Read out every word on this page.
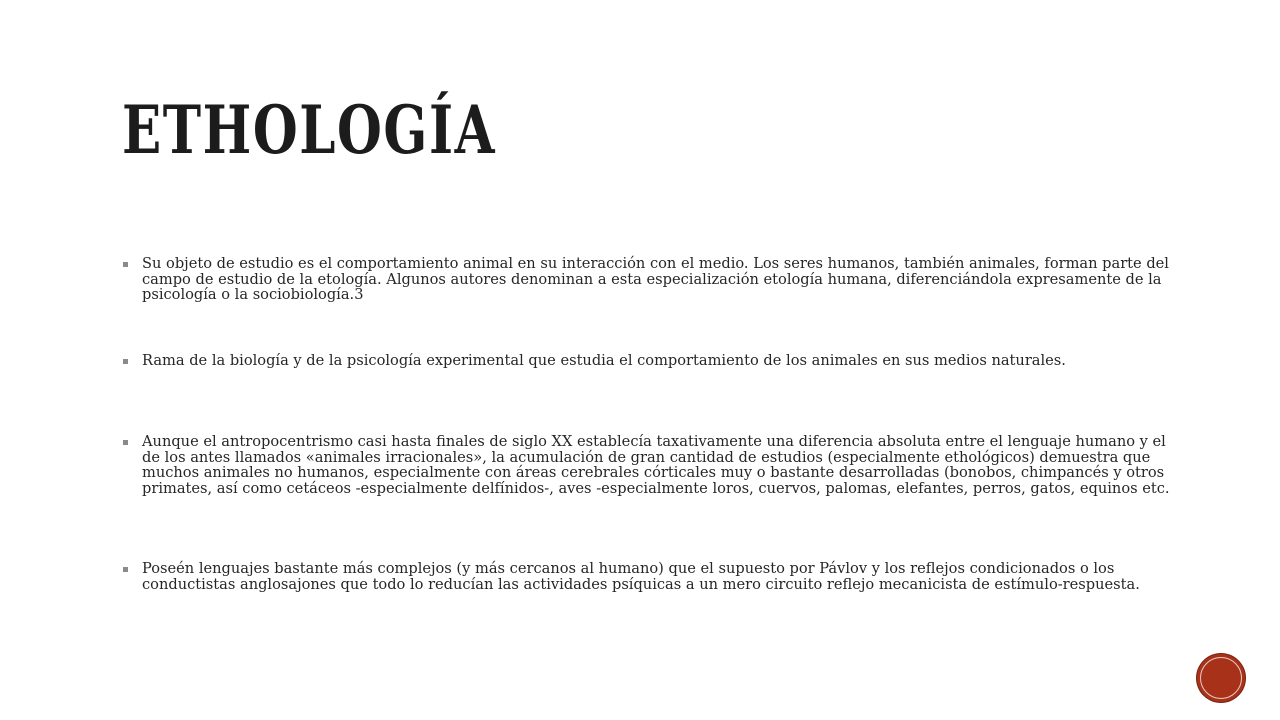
ETHOLOGÍA
Su objeto de estudio es el comportamiento animal en su interacción con el medio. Los seres humanos, también animales, forman parte del campo de estudio de la etología. Algunos autores denominan a esta especialización etología humana, diferenciándola expresamente de la psicología o la sociobiología.3
Rama de la biología y de la psicología experimental que estudia el comportamiento de los animales en sus medios naturales.
Aunque el antropocentrismo casi hasta finales de siglo XX establecía taxativamente una diferencia absoluta entre el lenguaje humano y el de los antes llamados «animales irracionales», la acumulación de gran cantidad de estudios (especialmente ethológicos) demuestra que muchos animales no humanos, especialmente con áreas cerebrales córticales muy o bastante desarrolladas (bonobos, chimpancés y otros primates, así como cetáceos -especialmente delfínidos-, aves -especialmente loros, cuervos, palomas, elefantes, perros, gatos, equinos etc.
Poseén lenguajes bastante más complejos (y más cercanos al humano) que el supuesto por Pávlov y los reflejos condicionados o los conductistas anglosajones que todo lo reducían las actividades psíquicas a un mero circuito reflejo mecanicista de estímulo-respuesta.
